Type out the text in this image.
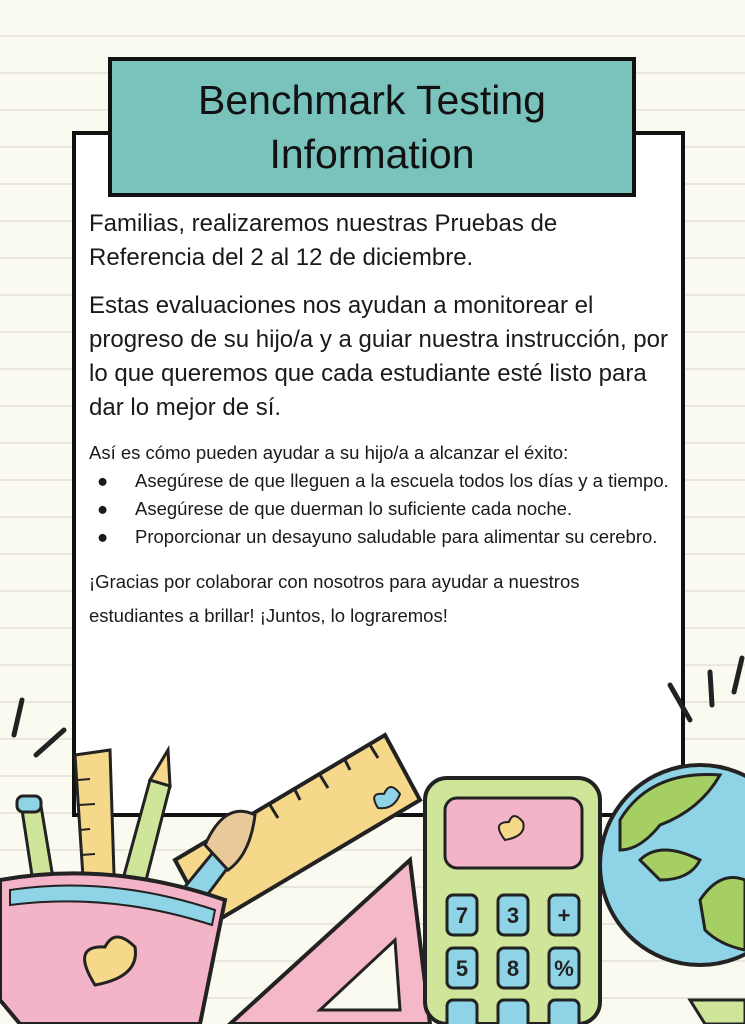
Benchmark Testing Information

Familias, realizaremos nuestras Pruebas de Referencia del 2 al 12 de diciembre.

Estas evaluaciones nos ayudan a monitorear el progreso de su hijo/a y a guiar nuestra instrucción, por lo que queremos que cada estudiante esté listo para dar lo mejor de sí.

Así es cómo pueden ayudar a su hijo/a a alcanzar el éxito:

● Asegúrese de que lleguen a la escuela todos los días y a tiempo.
● Asegúrese de que duerman lo suficiente cada noche.
● Proporcionar un desayuno saludable para alimentar su cerebro.

¡Gracias por colaborar con nosotros para ayudar a nuestros estudiantes a brillar! ¡Juntos, lo lograremos!

7 3 +
5 8 %
